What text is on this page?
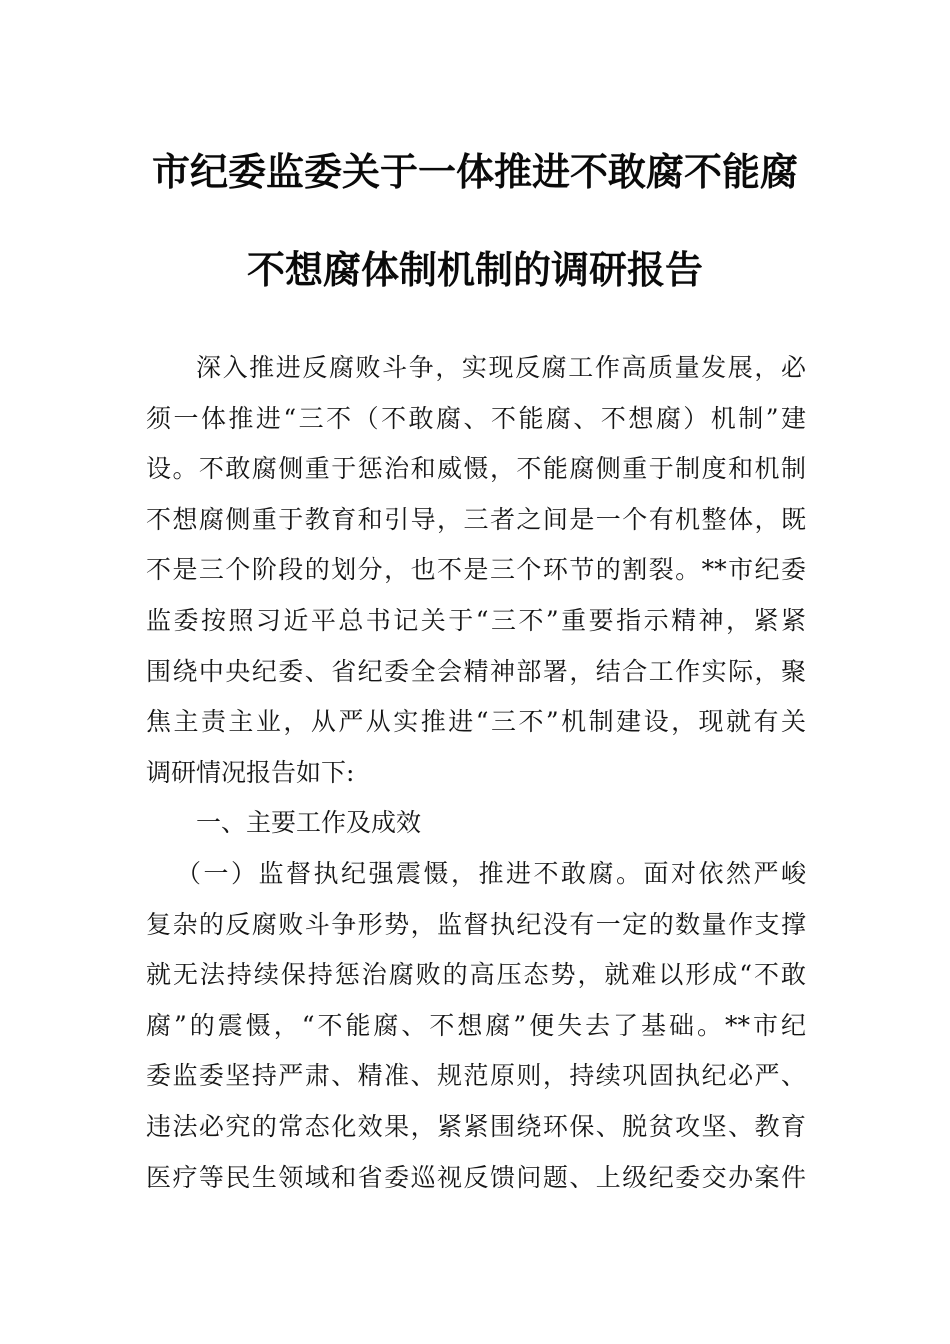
市纪委监委关于一体推进不敢腐不能腐
不想腐体制机制的调研报告
深入推进反腐败斗争，实现反腐工作高质量发展，必
须一体推进“三不（不敢腐、不能腐、不想腐）机制”建
设。不敢腐侧重于惩治和威慑，不能腐侧重于制度和机制
不想腐侧重于教育和引导，三者之间是一个有机整体，既
不是三个阶段的划分，也不是三个环节的割裂。**市纪委
监委按照习近平总书记关于“三不”重要指示精神，紧紧
围绕中央纪委、省纪委全会精神部署，结合工作实际，聚
焦主责主业，从严从实推进“三不”机制建设，现就有关
调研情况报告如下:
一、主要工作及成效
（一）监督执纪强震慑，推进不敢腐。面对依然严峻
复杂的反腐败斗争形势，监督执纪没有一定的数量作支撑
就无法持续保持惩治腐败的高压态势，就难以形成“不敢
腐”的震慑，“不能腐、不想腐”便失去了基础。**市纪
委监委坚持严肃、精准、规范原则，持续巩固执纪必严、
违法必究的常态化效果，紧紧围绕环保、脱贫攻坚、教育
医疗等民生领域和省委巡视反馈问题、上级纪委交办案件
